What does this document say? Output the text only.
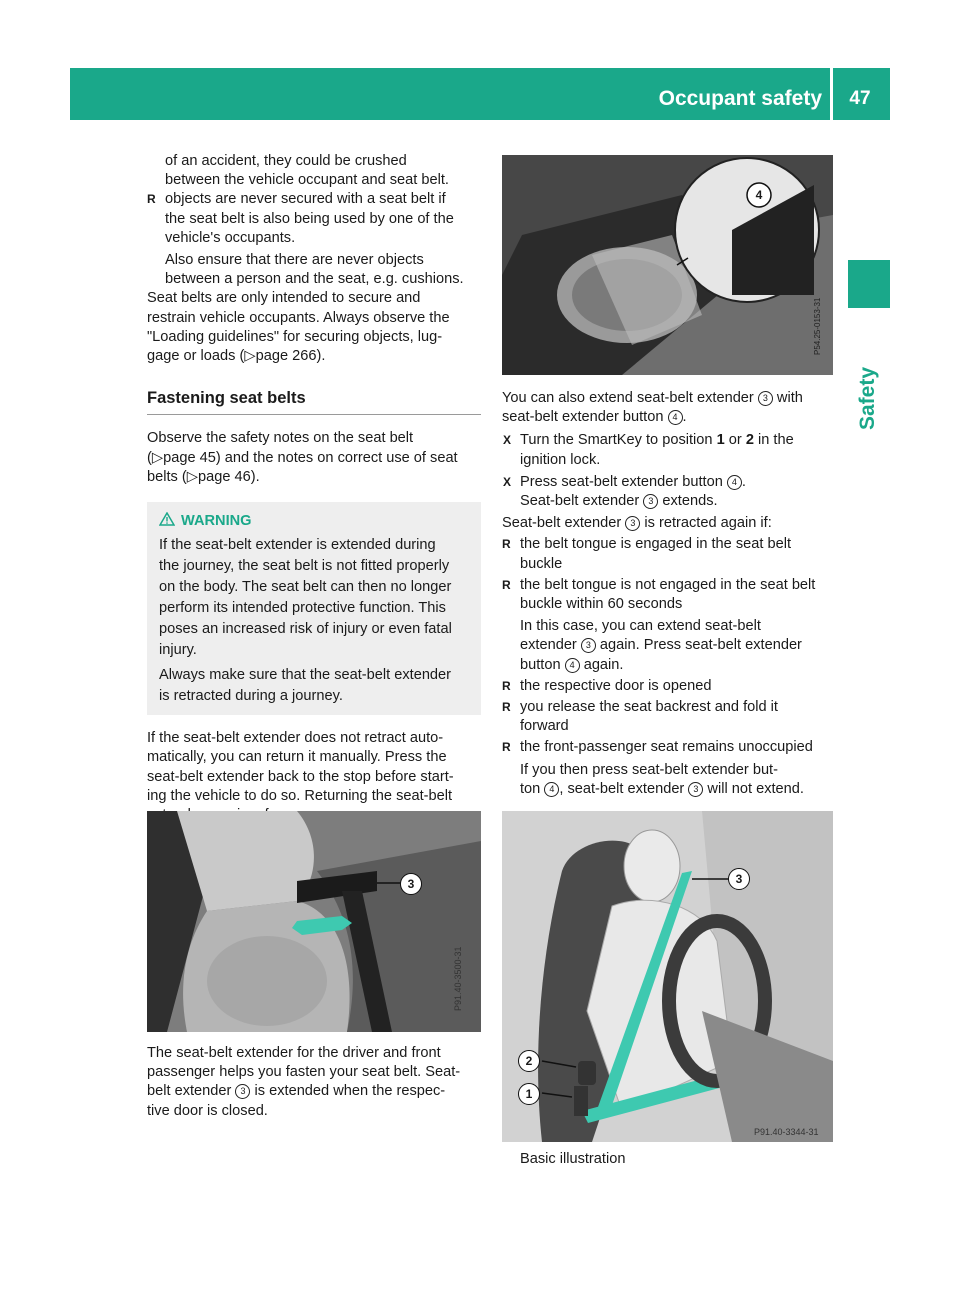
Occupant safety	47
Safety

of an accident, they could be crushed
between the vehicle occupant and seat belt.

R objects are never secured with a seat belt if
the seat belt is also being used by one of the
vehicle's occupants.

Also ensure that there are never objects
between a person and the seat, e.g. cushions.

Seat belts are only intended to secure and
restrain vehicle occupants. Always observe the
"Loading guidelines" for securing objects, lug-
gage or loads (▷page 266).

Fastening seat belts

Observe the safety notes on the seat belt
(▷page 45) and the notes on correct use of seat
belts (▷page 46).

WARNING

If the seat-belt extender is extended during
the journey, the seat belt is not fitted properly
on the body. The seat belt can then no longer
perform its intended protective function. This
poses an increased risk of injury or even fatal
injury.

Always make sure that the seat-belt extender
is retracted during a journey.

If the seat-belt extender does not retract auto-
matically, you can return it manually. Press the
seat-belt extender back to the stop before start-
ing the vehicle to do so. Returning the seat-belt

P91.40-3500-31
3

The seat-belt extender for the driver and front
passenger helps you fasten your seat belt. Seat-
belt extender 3 is extended when the respec-
tive door is closed.

P54.25-0153-31
4

You can also extend seat-belt extender 3 with
seat-belt extender button 4 .

X Turn the SmartKey to position 1 or 2 in the
ignition lock.
X Press seat-belt extender button 4 .
Seat-belt extender 3 extends.

Seat-belt extender 3 is retracted again if:

R the belt tongue is engaged in the seat belt
buckle
R the belt tongue is not engaged in the seat belt
buckle within 60 seconds

In this case, you can extend seat-belt
extender 3 again. Press seat-belt extender
button 4 again.

R the respective door is opened
R you release the seat backrest and fold it
forward
R the front-passenger seat remains unoccupied

If you then press seat-belt extender but-
ton 4 , seat-belt extender 3 will not extend.

P91.40-3344-31
3
2
1

Basic illustration
